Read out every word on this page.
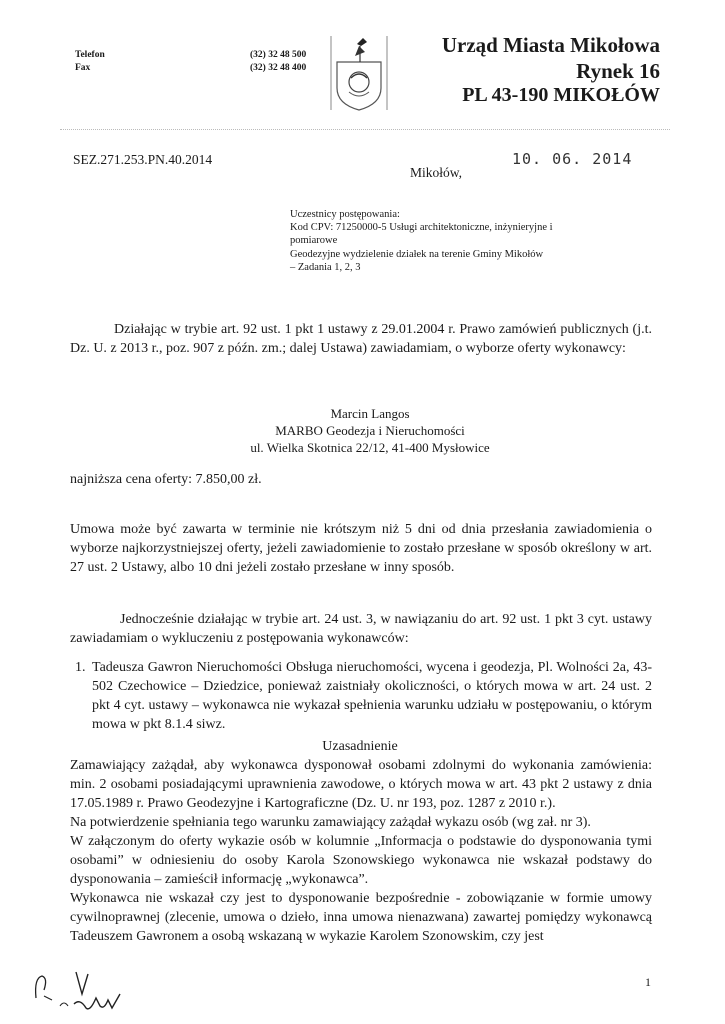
Telefon
Fax
(32) 32 48 500
(32) 32 48 400
Urząd Miasta Mikołowa
Rynek 16
PL 43-190 MIKOŁÓW
SEZ.271.253.PN.40.2014
Mikołów,
10. 06. 2014
Uczestnicy postępowania:
Kod CPV: 71250000-5 Usługi architektoniczne, inżynieryjne i
pomiarowe
Geodezyjne wydzielenie działek na terenie Gminy Mikołów
– Zadania 1, 2, 3
Działając w trybie art. 92 ust. 1 pkt 1 ustawy z 29.01.2004 r. Prawo zamówień publicznych (j.t. Dz. U. z 2013 r., poz. 907 z późn. zm.; dalej Ustawa) zawiadamiam, o wyborze oferty wykonawcy:
Marcin Langos
MARBO Geodezja i Nieruchomości
ul. Wielka Skotnica 22/12, 41-400 Mysłowice
najniższa cena oferty: 7.850,00 zł.
Umowa może być zawarta w terminie nie krótszym niż 5 dni od dnia przesłania zawiadomienia o wyborze najkorzystniejszej oferty, jeżeli zawiadomienie to zostało przesłane w sposób określony w art. 27 ust. 2 Ustawy, albo 10 dni jeżeli zostało przesłane w inny sposób.
Jednocześnie działając w trybie art. 24 ust. 3, w nawiązaniu do art. 92 ust. 1 pkt 3 cyt. ustawy zawiadamiam o wykluczeniu z postępowania wykonawców:
1. Tadeusza Gawron Nieruchomości Obsługa nieruchomości, wycena i geodezja, Pl. Wolności 2a, 43-502 Czechowice – Dziedzice, ponieważ zaistniały okoliczności, o których mowa w art. 24 ust. 2 pkt 4 cyt. ustawy – wykonawca nie wykazał spełnienia warunku udziału w postępowaniu, o którym mowa w pkt 8.1.4 siwz.
Uzasadnienie
Zamawiający zażądał, aby wykonawca dysponował osobami zdolnymi do wykonania zamówienia: min. 2 osobami posiadającymi uprawnienia zawodowe, o których mowa w art. 43 pkt 2 ustawy z dnia 17.05.1989 r. Prawo Geodezyjne i Kartograficzne (Dz. U. nr 193, poz. 1287 z 2010 r.).
Na potwierdzenie spełniania tego warunku zamawiający zażądał wykazu osób (wg zał. nr 3).
W załączonym do oferty wykazie osób w kolumnie „Informacja o podstawie do dysponowania tymi osobami” w odniesieniu do osoby Karola Szonowskiego wykonawca nie wskazał podstawy do dysponowania – zamieścił informację „wykonawca”.
Wykonawca nie wskazał czy jest to dysponowanie bezpośrednie - zobowiązanie w formie umowy cywilnoprawnej (zlecenie, umowa o dzieło, inna umowa nienazwana) zawartej pomiędzy wykonawcą Tadeuszem Gawronem a osobą wskazaną w wykazie Karolem Szonowskim, czy jest
1
